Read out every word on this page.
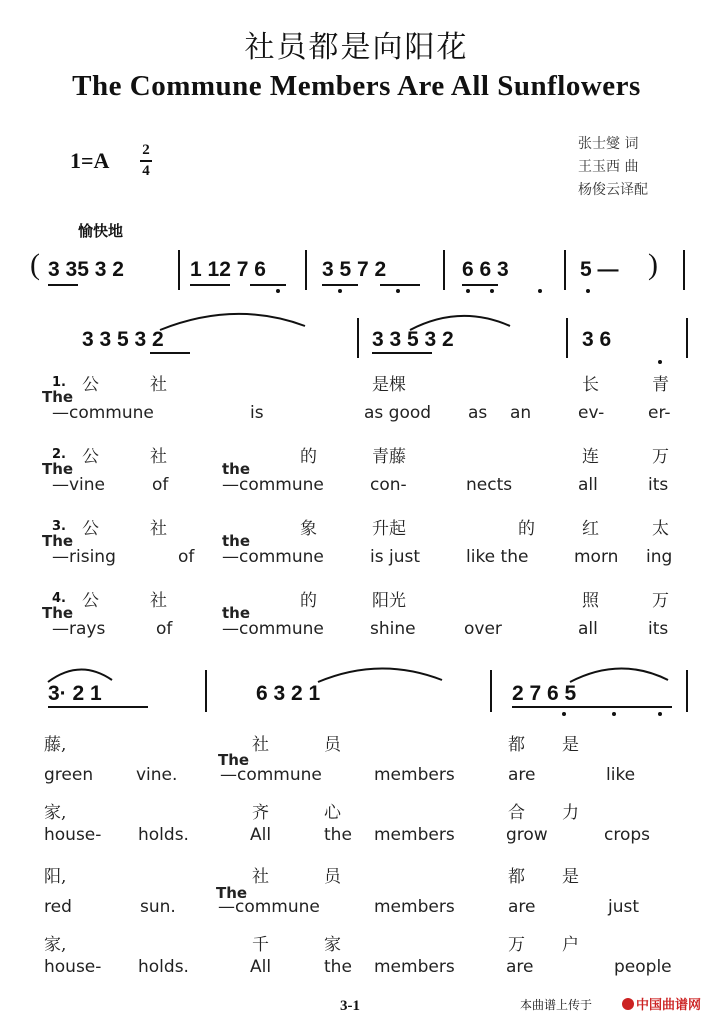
社员都是向阳花
The Commune Members Are All Sunflowers
1=A 2
4
张士燮 词
王玉西 曲
杨俊云译配
愉快地
( 3 35 3 2	1 12 7 6	3 5 7 2	6 6 3	5 — )
3 3 5 3 2	3 3 5 3 2	3 6
1. 公	社	是棵	长	青
The
—commune	is	as good as an	ev-	er-
2. 公	社	的	青藤	连	万
The	the
—vine	of	—commune	con-	nects	all	its
3. 公	社	象	升起	的	红	太
The	the
—rising	of —commune	is just	like the	morn ing
4. 公	社	的	阳光	照	万
The	the
—rays	of	—commune	shine	over	all	its
3· 2 1	6 3 2 1	2 7 6 5
藤,	社	员	都 是
The
green	vine.	—commune	members	are	like
家,	齐	心	合 力
house- holds.	All	the members	grow	crops
阳,	社	员	都 是
The
red	sun. —commune	members	are	just
家,	千	家	万 户
house- holds.	All	the members	are	people
3-1	本曲谱上传于	中国曲谱网
